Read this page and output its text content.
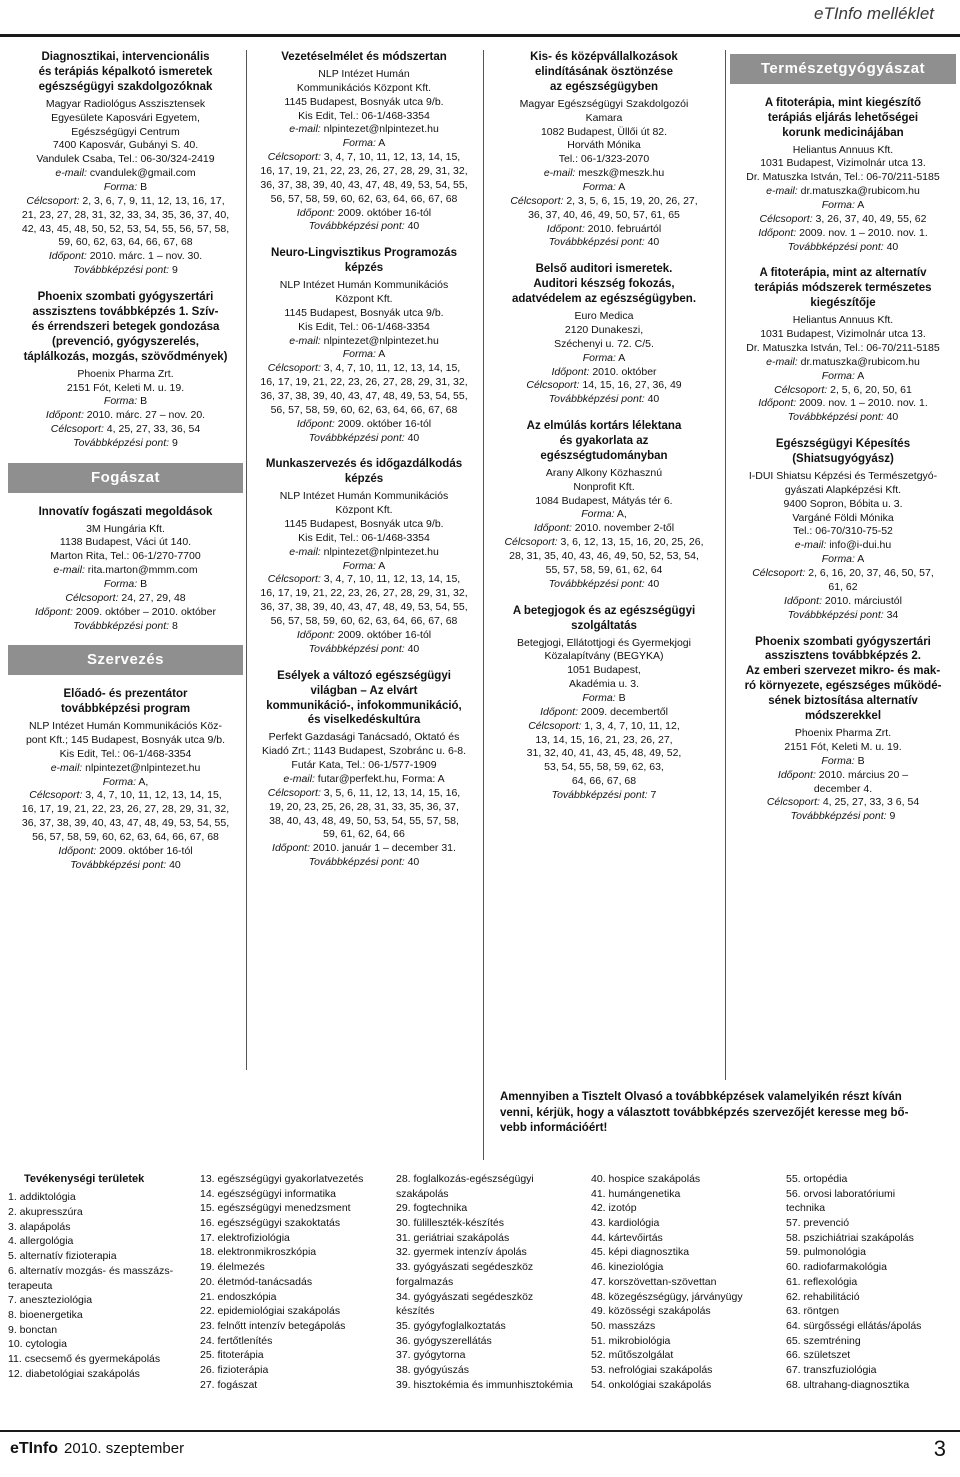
eTInfo melléklet
Diagnosztikai, intervencionális
és terápiás képalkotó ismeretek
egészségügyi szakdolgozóknak
Magyar Radiológus Asszisztensek
Egyesülete Kaposvári Egyetem,
Egészségügyi Centrum
7400 Kaposvár, Gubányi S. 40.
Vandulek Csaba, Tel.: 06-30/324-2419
e-mail: cvandulek@gmail.com
Forma: B
Célcsoport: 2, 3, 6, 7, 9, 11, 12, 13, 16, 17,
21, 23, 27, 28, 31, 32, 33, 34, 35, 36, 37, 40,
42, 43, 45, 48, 50, 52, 53, 54, 55, 56, 57, 58,
59, 60, 62, 63, 64, 66, 67, 68
Időpont: 2010. márc. 1 – nov. 30.
Továbbképzési pont: 9
Phoenix szombati gyógyszertári
asszisztens továbbképzés 1. Szív-
és érrendszeri betegek gondozása
(prevenció, gyógyszerelés,
táplálkozás, mozgás, szövődmények)
Phoenix Pharma Zrt.
2151 Fót, Keleti M. u. 19.
Forma: B
Időpont: 2010. márc. 27 – nov. 20.
Célcsoport: 4, 25, 27, 33, 36, 54
Továbbképzési pont: 9
Fogászat
Innovatív fogászati megoldások
3M Hungária Kft.
1138 Budapest, Váci út 140.
Marton Rita, Tel.: 06-1/270-7700
e-mail: rita.marton@mmm.com
Forma: B
Célcsoport: 24, 27, 29, 48
Időpont: 2009. október – 2010. október
Továbbképzési pont: 8
Szervezés
Előadó- és prezentátor
továbbképzési program
NLP Intézet Humán Kommunikációs Köz-
pont Kft.; 145 Budapest, Bosnyák utca 9/b.
Kis Edit, Tel.: 06-1/468-3354
e-mail: nlpintezet@nlpintezet.hu
Forma: A,
Célcsoport: 3, 4, 7, 10, 11, 12, 13, 14, 15,
16, 17, 19, 21, 22, 23, 26, 27, 28, 29, 31, 32,
36, 37, 38, 39, 40, 43, 47, 48, 49, 53, 54, 55,
56, 57, 58, 59, 60, 62, 63, 64, 66, 67, 68
Időpont: 2009. október 16-tól
Továbbképzési pont: 40
Vezetéselmélet és módszertan
NLP Intézet Humán
Kommunikációs Központ Kft.
1145 Budapest, Bosnyák utca 9/b.
Kis Edit, Tel.: 06-1/468-3354
e-mail: nlpintezet@nlpintezet.hu
Forma: A
Célcsoport: 3, 4, 7, 10, 11, 12, 13, 14, 15,
16, 17, 19, 21, 22, 23, 26, 27, 28, 29, 31, 32,
36, 37, 38, 39, 40, 43, 47, 48, 49, 53, 54, 55,
56, 57, 58, 59, 60, 62, 63, 64, 66, 67, 68
Időpont: 2009. október 16-tól
Továbbképzési pont: 40
Neuro-Lingvisztikus Programozás
képzés
NLP Intézet Humán Kommunikációs
Központ Kft.
1145 Budapest, Bosnyák utca 9/b.
Kis Edit, Tel.: 06-1/468-3354
e-mail: nlpintezet@nlpintezet.hu
Forma: A
Célcsoport: 3, 4, 7, 10, 11, 12, 13, 14, 15,
16, 17, 19, 21, 22, 23, 26, 27, 28, 29, 31, 32,
36, 37, 38, 39, 40, 43, 47, 48, 49, 53, 54, 55,
56, 57, 58, 59, 60, 62, 63, 64, 66, 67, 68
Időpont: 2009. október 16-tól
Továbbképzési pont: 40
Munkaszervezés és időgazdálkodás
képzés
NLP Intézet Humán Kommunikációs
Központ Kft.
1145 Budapest, Bosnyák utca 9/b.
Kis Edit, Tel.: 06-1/468-3354
e-mail: nlpintezet@nlpintezet.hu
Forma: A
Célcsoport: 3, 4, 7, 10, 11, 12, 13, 14, 15,
16, 17, 19, 21, 22, 23, 26, 27, 28, 29, 31, 32,
36, 37, 38, 39, 40, 43, 47, 48, 49, 53, 54, 55,
56, 57, 58, 59, 60, 62, 63, 64, 66, 67, 68
Időpont: 2009. október 16-tól
Továbbképzési pont: 40
Esélyek a változó egészségügyi
világban – Az elvárt
kommunikáció-, infokommunikáció,
és viselkedéskultúra
Perfekt Gazdasági Tanácsadó, Oktató és
Kiadó Zrt.; 1143 Budapest, Szobránc u. 6-8.
Futár Kata, Tel.: 06-1/577-1909
e-mail: futar@perfekt.hu, Forma: A
Célcsoport: 3, 5, 6, 11, 12, 13, 14, 15, 16,
19, 20, 23, 25, 26, 28, 31, 33, 35, 36, 37,
38, 40, 43, 48, 49, 50, 53, 54, 55, 57, 58,
59, 61, 62, 64, 66
Időpont: 2010. január 1 – december 31.
Továbbképzési pont: 40
Kis- és középvállalkozások
elindításának ösztönzése
az egészségügyben
Magyar Egészségügyi Szakdolgozói
Kamara
1082 Budapest, Üllői út 82.
Horváth Mónika
Tel.: 06-1/323-2070
e-mail: meszk@meszk.hu
Forma: A
Célcsoport: 2, 3, 5, 6, 15, 19, 20, 26, 27,
36, 37, 40, 46, 49, 50, 57, 61, 65
Időpont: 2010. februártól
Továbbképzési pont: 40
Belső auditori ismeretek.
Auditori készség fokozás,
adatvédelem az egészségügyben.
Euro Medica
2120 Dunakeszi,
Széchenyi u. 72. C/5.
Forma: A
Időpont: 2010. október
Célcsoport: 14, 15, 16, 27, 36, 49
Továbbképzési pont: 40
Az elmúlás kortárs lélektana
és gyakorlata az
egészségtudományban
Arany Alkony Közhasznú
Nonprofit Kft.
1084 Budapest, Mátyás tér 6.
Forma: A,
Időpont: 2010. november 2-től
Célcsoport: 3, 6, 12, 13, 15, 16, 20, 25, 26,
28, 31, 35, 40, 43, 46, 49, 50, 52, 53, 54,
55, 57, 58, 59, 61, 62, 64
Továbbképzési pont: 40
A betegjogok és az egészségügyi
szolgáltatás
Betegjogi, Ellátottjogi és Gyermekjogi
Közalapítvány (BEGYKA)
1051 Budapest,
Akadémia u. 3.
Forma: B
Időpont: 2009. decembertől
Célcsoport: 1, 3, 4, 7, 10, 11, 12,
13, 14, 15, 16, 21, 23, 26, 27,
31, 32, 40, 41, 43, 45, 48, 49, 52,
53, 54, 55, 58, 59, 62, 63,
64, 66, 67, 68
Továbbképzési pont: 7
Természetgyógyászat
A fitoterápia, mint kiegészítő
terápiás eljárás lehetőségei
korunk medicinájában
Heliantus Annuus Kft.
1031 Budapest, Vizimolnár utca 13.
Dr. Matuszka István, Tel.: 06-70/211-5185
e-mail: dr.matuszka@rubicom.hu
Forma: A
Célcsoport: 3, 26, 37, 40, 49, 55, 62
Időpont: 2009. nov. 1 – 2010. nov. 1.
Továbbképzési pont: 40
A fitoterápia, mint az alternatív
terápiás módszerek természetes
kiegészítője
Heliantus Annuus Kft.
1031 Budapest, Vizimolnár utca 13.
Dr. Matuszka István, Tel.: 06-70/211-5185
e-mail: dr.matuszka@rubicom.hu
Forma: A
Célcsoport: 2, 5, 6, 20, 50, 61
Időpont: 2009. nov. 1 – 2010. nov. 1.
Továbbképzési pont: 40
Egészségügyi Képesítés
(Shiatsugyógyász)
I-DUI Shiatsu Képzési és Természetgyó-
gyászati Alapképzési Kft.
9400 Sopron, Bóbita u. 3.
Vargáné Földi Mónika
Tel.: 06-70/310-75-52
e-mail: info@i-dui.hu
Forma: A
Célcsoport: 2, 6, 16, 20, 37, 46, 50, 57,
61, 62
Időpont: 2010. márciustól
Továbbképzési pont: 34
Phoenix szombati gyógyszertári
asszisztens továbbképzés 2.
Az emberi szervezet mikro- és mak-
ró környezete, egészséges működé-
sének biztosítása alternatív
módszerekkel
Phoenix Pharma Zrt.
2151 Fót, Keleti M. u. 19.
Forma: B
Időpont: 2010. március 20 –
december 4.
Célcsoport: 4, 25, 27, 33, 3 6, 54
Továbbképzési pont: 9
Amennyiben a Tisztelt Olvasó a továbbképzések valamelyikén részt kíván
venni, kérjük, hogy a választott továbbképzés szervezőjét keresse meg bő-
vebb információért!
Tevékenységi területek
1. addiktológia
2. akupresszúra
3. alapápolás
4. allergológia
5. alternatív fizioterapia
6. alternatív mozgás- és masszázs-
terapeuta
7. aneszteziológia
8. bioenergetika
9. bonctan
10. cytologia
11. csecsemő és gyermekápolás
12. diabetológiai szakápolás
13. egészségügyi gyakorlatvezetés
14. egészségügyi informatika
15. egészségügyi menedzsment
16. egészségügyi szakoktatás
17. elektrofiziológia
18. elektronmikroszkópia
19. élelmezés
20. életmód-tanácsadás
21. endoszkópia
22. epidemiológiai szakápolás
23. felnőtt intenzív betegápolás
24. fertőtlenítés
25. fitoterápia
26. fizioterápia
27. fogászat
28. foglalkozás-egészségügyi
szakápolás
29. fogtechnika
30. fülilleszték-készítés
31. geriátriai szakápolás
32. gyermek intenzív ápolás
33. gyógyászati segédeszköz
forgalmazás
34. gyógyászati segédeszköz
készítés
35. gyógyfoglalkoztatás
36. gyógyszerellátás
37. gyógytorna
38. gyógyúszás
39. hisztokémia és immunhisztokémia
40. hospice szakápolás
41. humángenetika
42. izotóp
43. kardiológia
44. kártevőirtás
45. képi diagnosztika
46. kineziológia
47. korszövettan-szövettan
48. közegészségügy, járványügy
49. közösségi szakápolás
50. masszázs
51. mikrobiológia
52. műtőszolgálat
53. nefrológiai szakápolás
54. onkológiai szakápolás
55. ortopédia
56. orvosi laboratóriumi
technika
57. prevenció
58. pszichiátriai szakápolás
59. pulmonológia
60. radiofarmakológia
61. reflexológia
62. rehabilitáció
63. röntgen
64. sürgősségi ellátás/ápolás
65. szemtréning
66. születszet
67. transzfuziológia
68. ultrahang-diagnosztika
eTInfo 2010. szeptember	3
